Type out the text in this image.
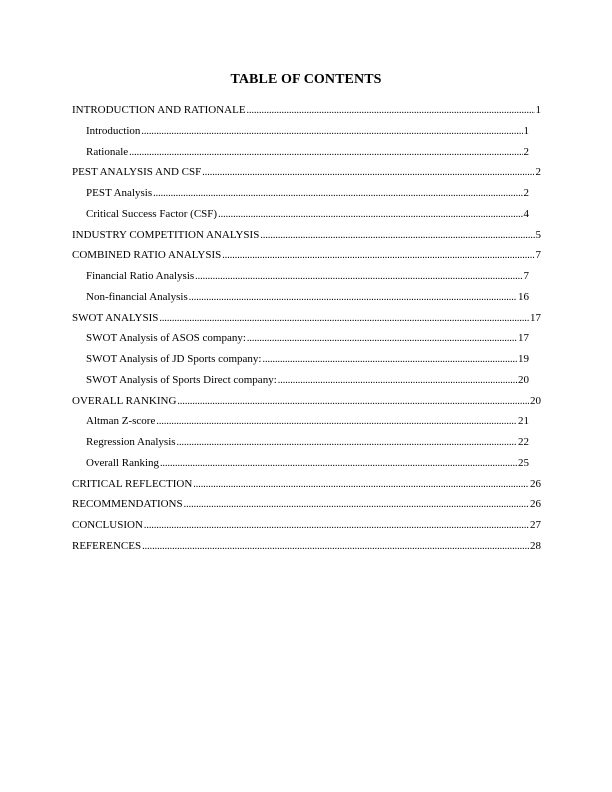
TABLE OF CONTENTS
INTRODUCTION AND RATIONALE .....	1
Introduction .....	1
Rationale .....	2
PEST ANALYSIS AND CSF .....	2
PEST Analysis .....	2
Critical Success Factor (CSF) .....	4
INDUSTRY COMPETITION ANALYSIS .....	5
COMBINED RATIO ANALYSIS .....	7
Financial Ratio Analysis .....	7
Non-financial Analysis .....	16
SWOT ANALYSIS .....	17
SWOT Analysis of ASOS company: .....	17
SWOT Analysis of JD Sports company: .....	19
SWOT Analysis of Sports Direct company: .....	20
OVERALL RANKING .....	20
Altman Z-score .....	21
Regression Analysis .....	22
Overall Ranking .....	25
CRITICAL REFLECTION .....	26
RECOMMENDATIONS .....	26
CONCLUSION .....	27
REFERENCES .....	28
